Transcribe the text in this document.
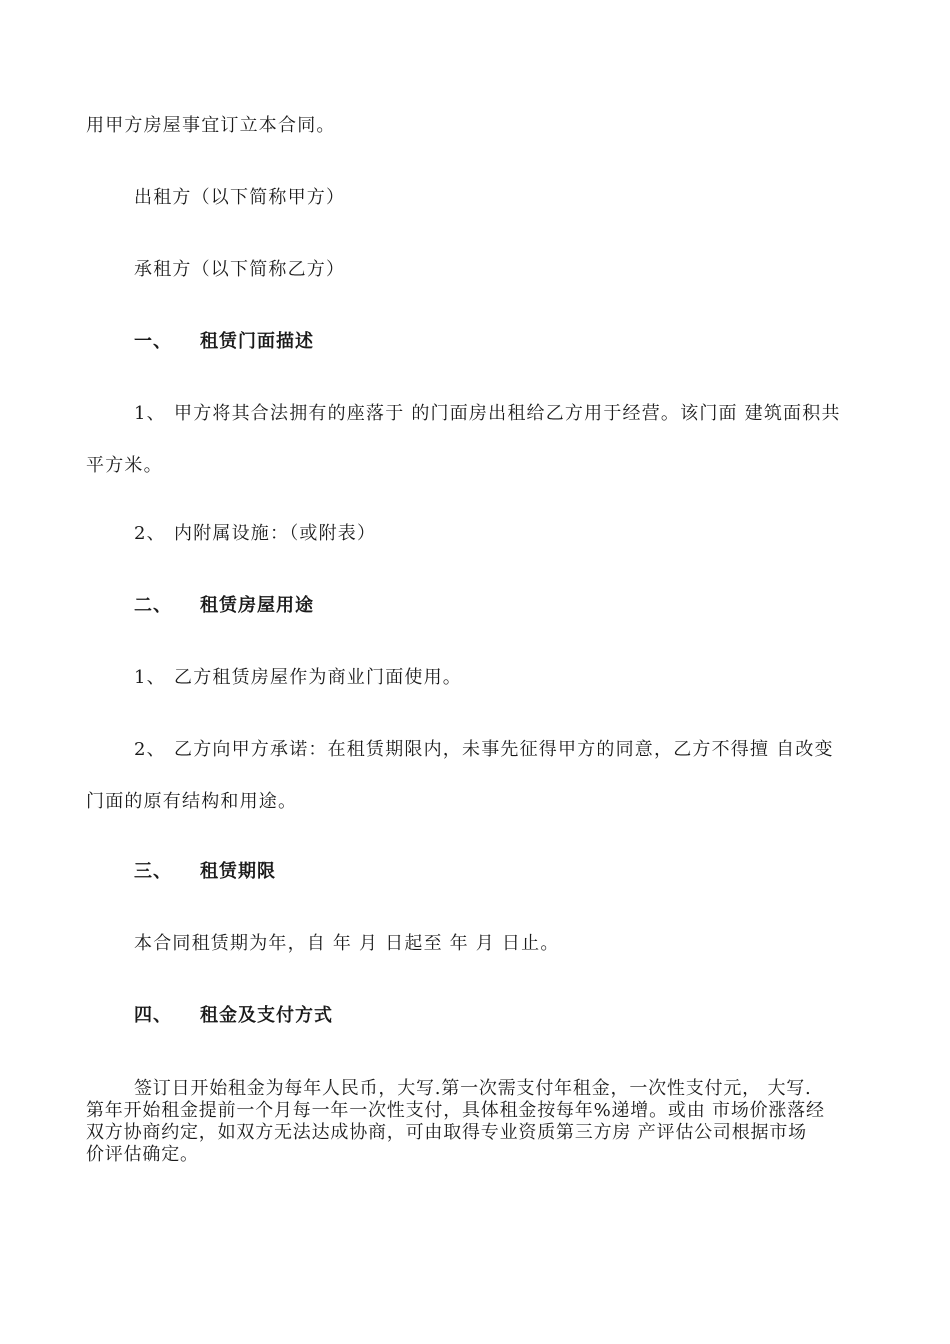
用甲方房屋事宜订立本合同。
出租方（以下简称甲方）
承租方（以下简称乙方）
一、 租赁门面描述
1、 甲方将其合法拥有的座落于 的门面房出租给乙方用于经营。该门面 建筑面积共
平方米。
2、 内附属设施：（或附表）
二、 租赁房屋用途
1、 乙方租赁房屋作为商业门面使用。
2、 乙方向甲方承诺：在租赁期限内，未事先征得甲方的同意，乙方不得擅 自改变
门面的原有结构和用途。
三、 租赁期限
本合同租赁期为年，自 年 月 日起至 年 月 日止。
四、 租金及支付方式
签订日开始租金为每年人民币，大写.第一次需支付年租金，一次性支付元， 大写.
第年开始租金提前一个月每一年一次性支付，具体租金按每年%递增。或由 市场价涨落经
双方协商约定，如双方无法达成协商，可由取得专业资质第三方房 产评估公司根据市场
价评估确定。
